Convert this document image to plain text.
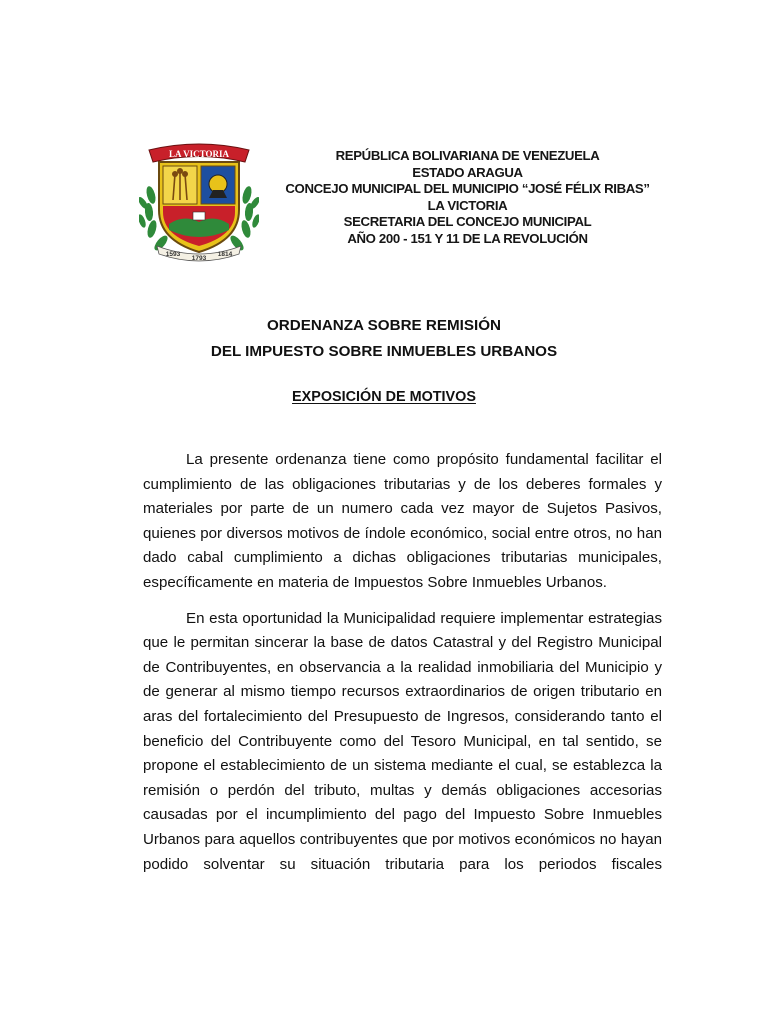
LA VICTORIA
1593
1793
1814
REPÚBLICA BOLIVARIANA DE VENEZUELA
ESTADO ARAGUA
CONCEJO MUNICIPAL DEL MUNICIPIO “JOSÉ FÉLIX RIBAS”
LA VICTORIA
SECRETARIA DEL CONCEJO MUNICIPAL
AÑO 200 - 151 Y 11 DE LA REVOLUCIÓN
ORDENANZA SOBRE REMISIÓN
DEL IMPUESTO SOBRE INMUEBLES URBANOS
EXPOSICIÓN DE MOTIVOS

La presente ordenanza tiene como propósito fundamental facilitar el cumplimiento de las obligaciones tributarias y de los deberes formales y materiales por parte de un numero cada vez mayor de Sujetos Pasivos, quienes por diversos motivos de índole económico, social entre otros, no han dado cabal cumplimiento a dichas obligaciones tributarias municipales, específicamente en materia de Impuestos Sobre Inmuebles Urbanos.

En esta oportunidad la Municipalidad requiere implementar estrategias que le permitan sincerar la base de datos Catastral y del Registro Municipal de Contribuyentes, en observancia a la realidad inmobiliaria del Municipio y de generar al mismo tiempo recursos extraordinarios de origen tributario en aras del fortalecimiento del Presupuesto de Ingresos, considerando tanto el beneficio del Contribuyente como del Tesoro Municipal, en tal sentido, se propone el establecimiento de un sistema mediante el cual, se establezca la remisión o perdón del tributo, multas y demás obligaciones accesorias causadas por el incumplimiento del pago del Impuesto Sobre Inmuebles Urbanos para aquellos contribuyentes que por motivos económicos no hayan podido solventar su situación tributaria para los periodos fiscales
